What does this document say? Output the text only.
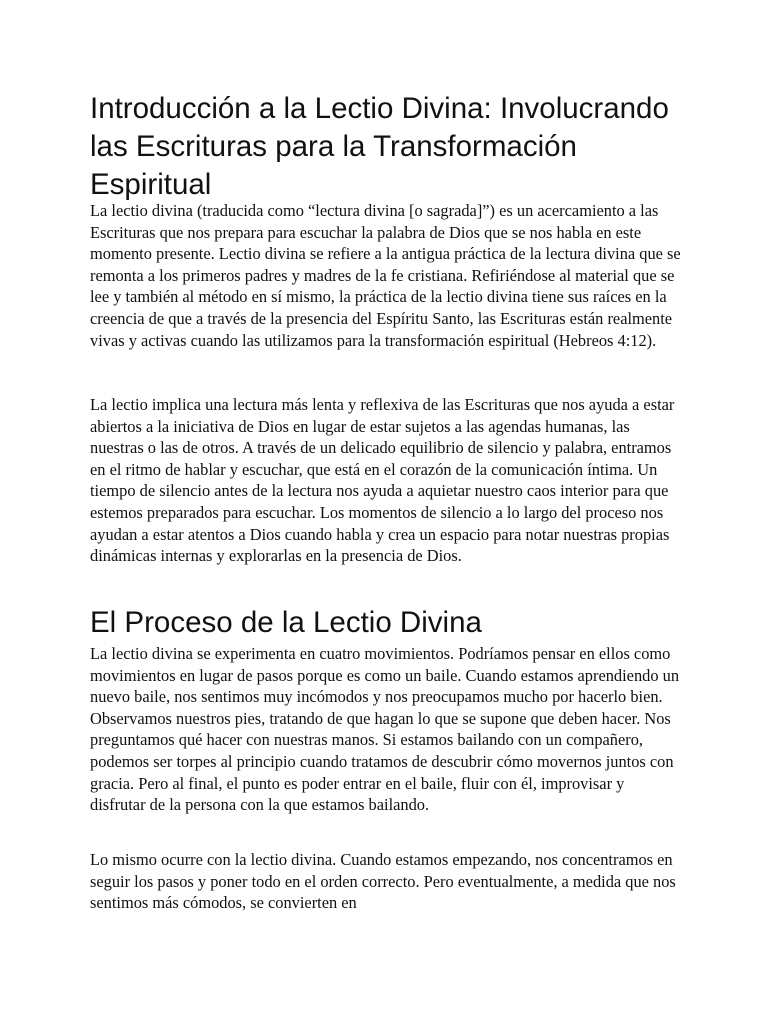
Introducción a la Lectio Divina: Involucrando las Escrituras para la Transformación Espiritual

La lectio divina (traducida como “lectura divina [o sagrada]”) es un acercamiento a las Escrituras que nos prepara para escuchar la palabra de Dios que se nos habla en este momento presente. Lectio divina se refiere a la antigua práctica de la lectura divina que se remonta a los primeros padres y madres de la fe cristiana. Refiriéndose al material que se lee y también al método en sí mismo, la práctica de la lectio divina tiene sus raíces en la creencia de que a través de la presencia del Espíritu Santo, las Escrituras están realmente vivas y activas cuando las utilizamos para la transformación espiritual (Hebreos 4:12).

La lectio implica una lectura más lenta y reflexiva de las Escrituras que nos ayuda a estar abiertos a la iniciativa de Dios en lugar de estar sujetos a las agendas humanas, las nuestras o las de otros. A través de un delicado equilibrio de silencio y palabra, entramos en el ritmo de hablar y escuchar, que está en el corazón de la comunicación íntima. Un tiempo de silencio antes de la lectura nos ayuda a aquietar nuestro caos interior para que estemos preparados para escuchar. Los momentos de silencio a lo largo del proceso nos ayudan a estar atentos a Dios cuando habla y crea un espacio para notar nuestras propias dinámicas internas y explorarlas en la presencia de Dios.

El Proceso de la Lectio Divina

La lectio divina se experimenta en cuatro movimientos. Podríamos pensar en ellos como movimientos en lugar de pasos porque es como un baile. Cuando estamos aprendiendo un nuevo baile, nos sentimos muy incómodos y nos preocupamos mucho por hacerlo bien. Observamos nuestros pies, tratando de que hagan lo que se supone que deben hacer. Nos preguntamos qué hacer con nuestras manos. Si estamos bailando con un compañero, podemos ser torpes al principio cuando tratamos de descubrir cómo movernos juntos con gracia. Pero al final, el punto es poder entrar en el baile, fluir con él, improvisar y disfrutar de la persona con la que estamos bailando.

Lo mismo ocurre con la lectio divina. Cuando estamos empezando, nos concentramos en seguir los pasos y poner todo en el orden correcto. Pero eventualmente, a medida que nos sentimos más cómodos, se convierten en
